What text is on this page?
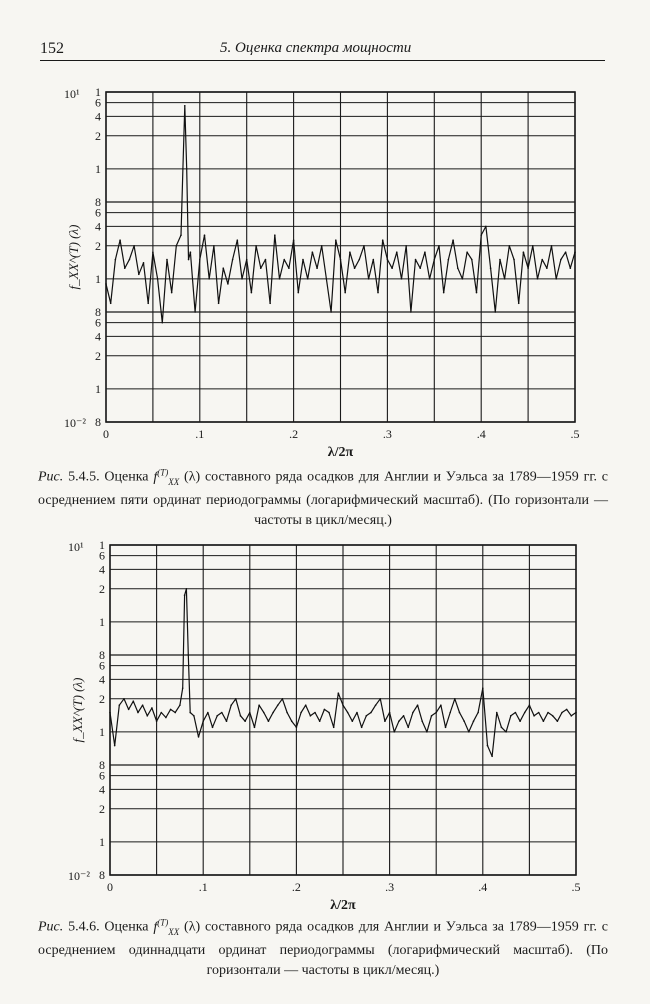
152	5. Оценка спектра мощности
1
8
6
4
2
1
8
6
4
2
1
8
6
4
2
1
10¹
10⁻²
0	.1	.2	.3	.4	.5
λ/2π
f_XX^(T) (λ)
Рис. 5.4.5. Оценка $f^{(T)}_{XX}$ (λ) составного ряда осадков для Англии и Уэльса за 1789—1959 гг. с осреднением пяти ординат периодограммы (логарифмический масштаб). (По горизонтали — частоты в цикл/месяц.)
1
8
6
4
2
1
8
6
4
2
1
8
6
4
2
1
10¹
10⁻²
0	.1	.2	.3	.4	.5
λ/2π
f_XX^(T) (λ)
Рис. 5.4.6. Оценка $f^{(T)}_{XX}$ (λ) составного ряда осадков для Англии и Уэльса за 1789—1959 гг. с осреднением одиннадцати ординат периодограммы (логарифмический масштаб). (По горизонтали — частоты в цикл/месяц.)
